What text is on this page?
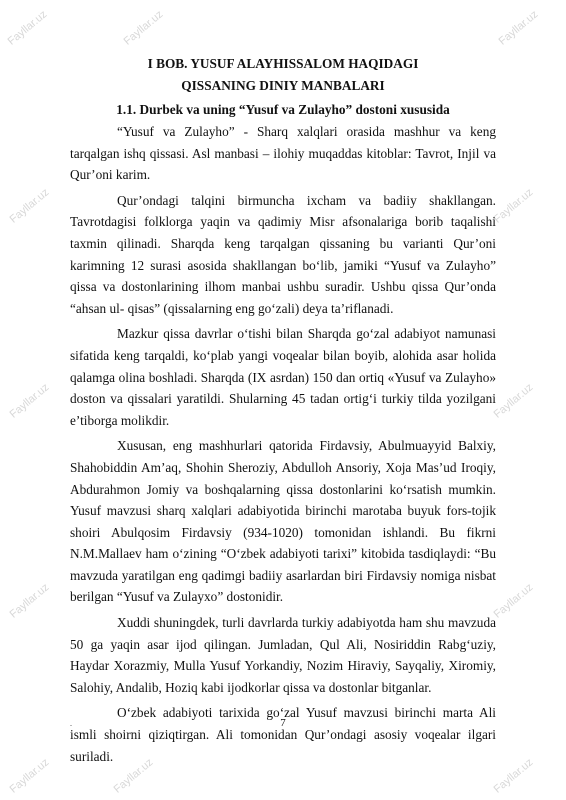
Fayllar.uz	Fayllar.uz	Fayllar.uz
Fayllar.uz	Fayllar.uz
Fayllar.uz	Fayllar.uz
Fayllar.uz	Fayllar.uz
Fayllar.uz	Fayllar.uz	Fayllar.uz

I BOB. YUSUF ALAYHISSALOM HAQIDAGI

QISSANING DINIY MANBALARI

1.1. Durbek va uning “Yusuf va Zulayho” dostoni xususida

“Yusuf va Zulayho” - Sharq xalqlari orasida mashhur va keng tarqalgan ishq qissasi. Asl manbasi – ilohiy muqaddas kitoblar: Tavrot, Injil va Qur’oni karim.

Qur’ondagi talqini birmuncha ixcham va badiiy shakllangan. Tavrotdagisi folklorga yaqin va qadimiy Misr afsonalariga borib taqalishi taxmin qilinadi. Sharqda keng tarqalgan qissaning bu varianti Qur’oni karimning 12 surasi asosida shakllangan bo‘lib, jamiki “Yusuf va Zulayho” qissa va dostonlarining ilhom manbai ushbu suradir. Ushbu qissa Qur’onda “ahsan ul- qisas” (qissalarning eng go‘zali) deya ta’riflanadi.

Mazkur qissa davrlar o‘tishi bilan Sharqda go‘zal adabiyot namunasi sifatida keng tarqaldi, ko‘plab yangi voqealar bilan boyib, alohida asar holida qalamga olina boshladi. Sharqda (IX asrdan) 150 dan ortiq «Yusuf va Zulayho» doston va qissalari yaratildi. Shularning 45 tadan ortig‘i turkiy tilda yozilgani e’tiborga molikdir.

Xususan, eng mashhurlari qatorida Firdavsiy, Abulmuayyid Balxiy, Shahobiddin Am’aq, Shohin Sheroziy, Abdulloh Ansoriy, Xoja Mas’ud Iroqiy, Abdurahmon Jomiy va boshqalarning qissa dostonlarini ko‘rsatish mumkin. Yusuf mavzusi sharq xalqlari adabiyotida birinchi marotaba buyuk fors-tojik shoiri Abulqosim Firdavsiy (934-1020) tomonidan ishlandi. Bu fikrni N.M.Mallaev ham o‘zining “O‘zbek adabiyoti tarixi” kitobida tasdiqlaydi: “Bu mavzuda yaratilgan eng qadimgi badiiy asarlardan biri Firdavsiy nomiga nisbat berilgan “Yusuf va Zulayxo” dostonidir.

Xuddi shuningdek, turli davrlarda turkiy adabiyotda ham shu mavzuda 50 ga yaqin asar ijod qilingan. Jumladan, Qul Ali, Nosiriddin Rabg‘uziy, Haydar Xorazmiy, Mulla Yusuf Yorkandiy, Nozim Hiraviy, Sayqaliy, Xiromiy, Salohiy, Andalib, Hoziq kabi ijodkorlar qissa va dostonlar bitganlar.

O‘zbek adabiyoti tarixida go‘zal Yusuf mavzusi birinchi marta Ali ismli shoirni qiziqtirgan. Ali tomonidan Qur’ondagi asosiy voqealar ilgari suriladi.

.	7
